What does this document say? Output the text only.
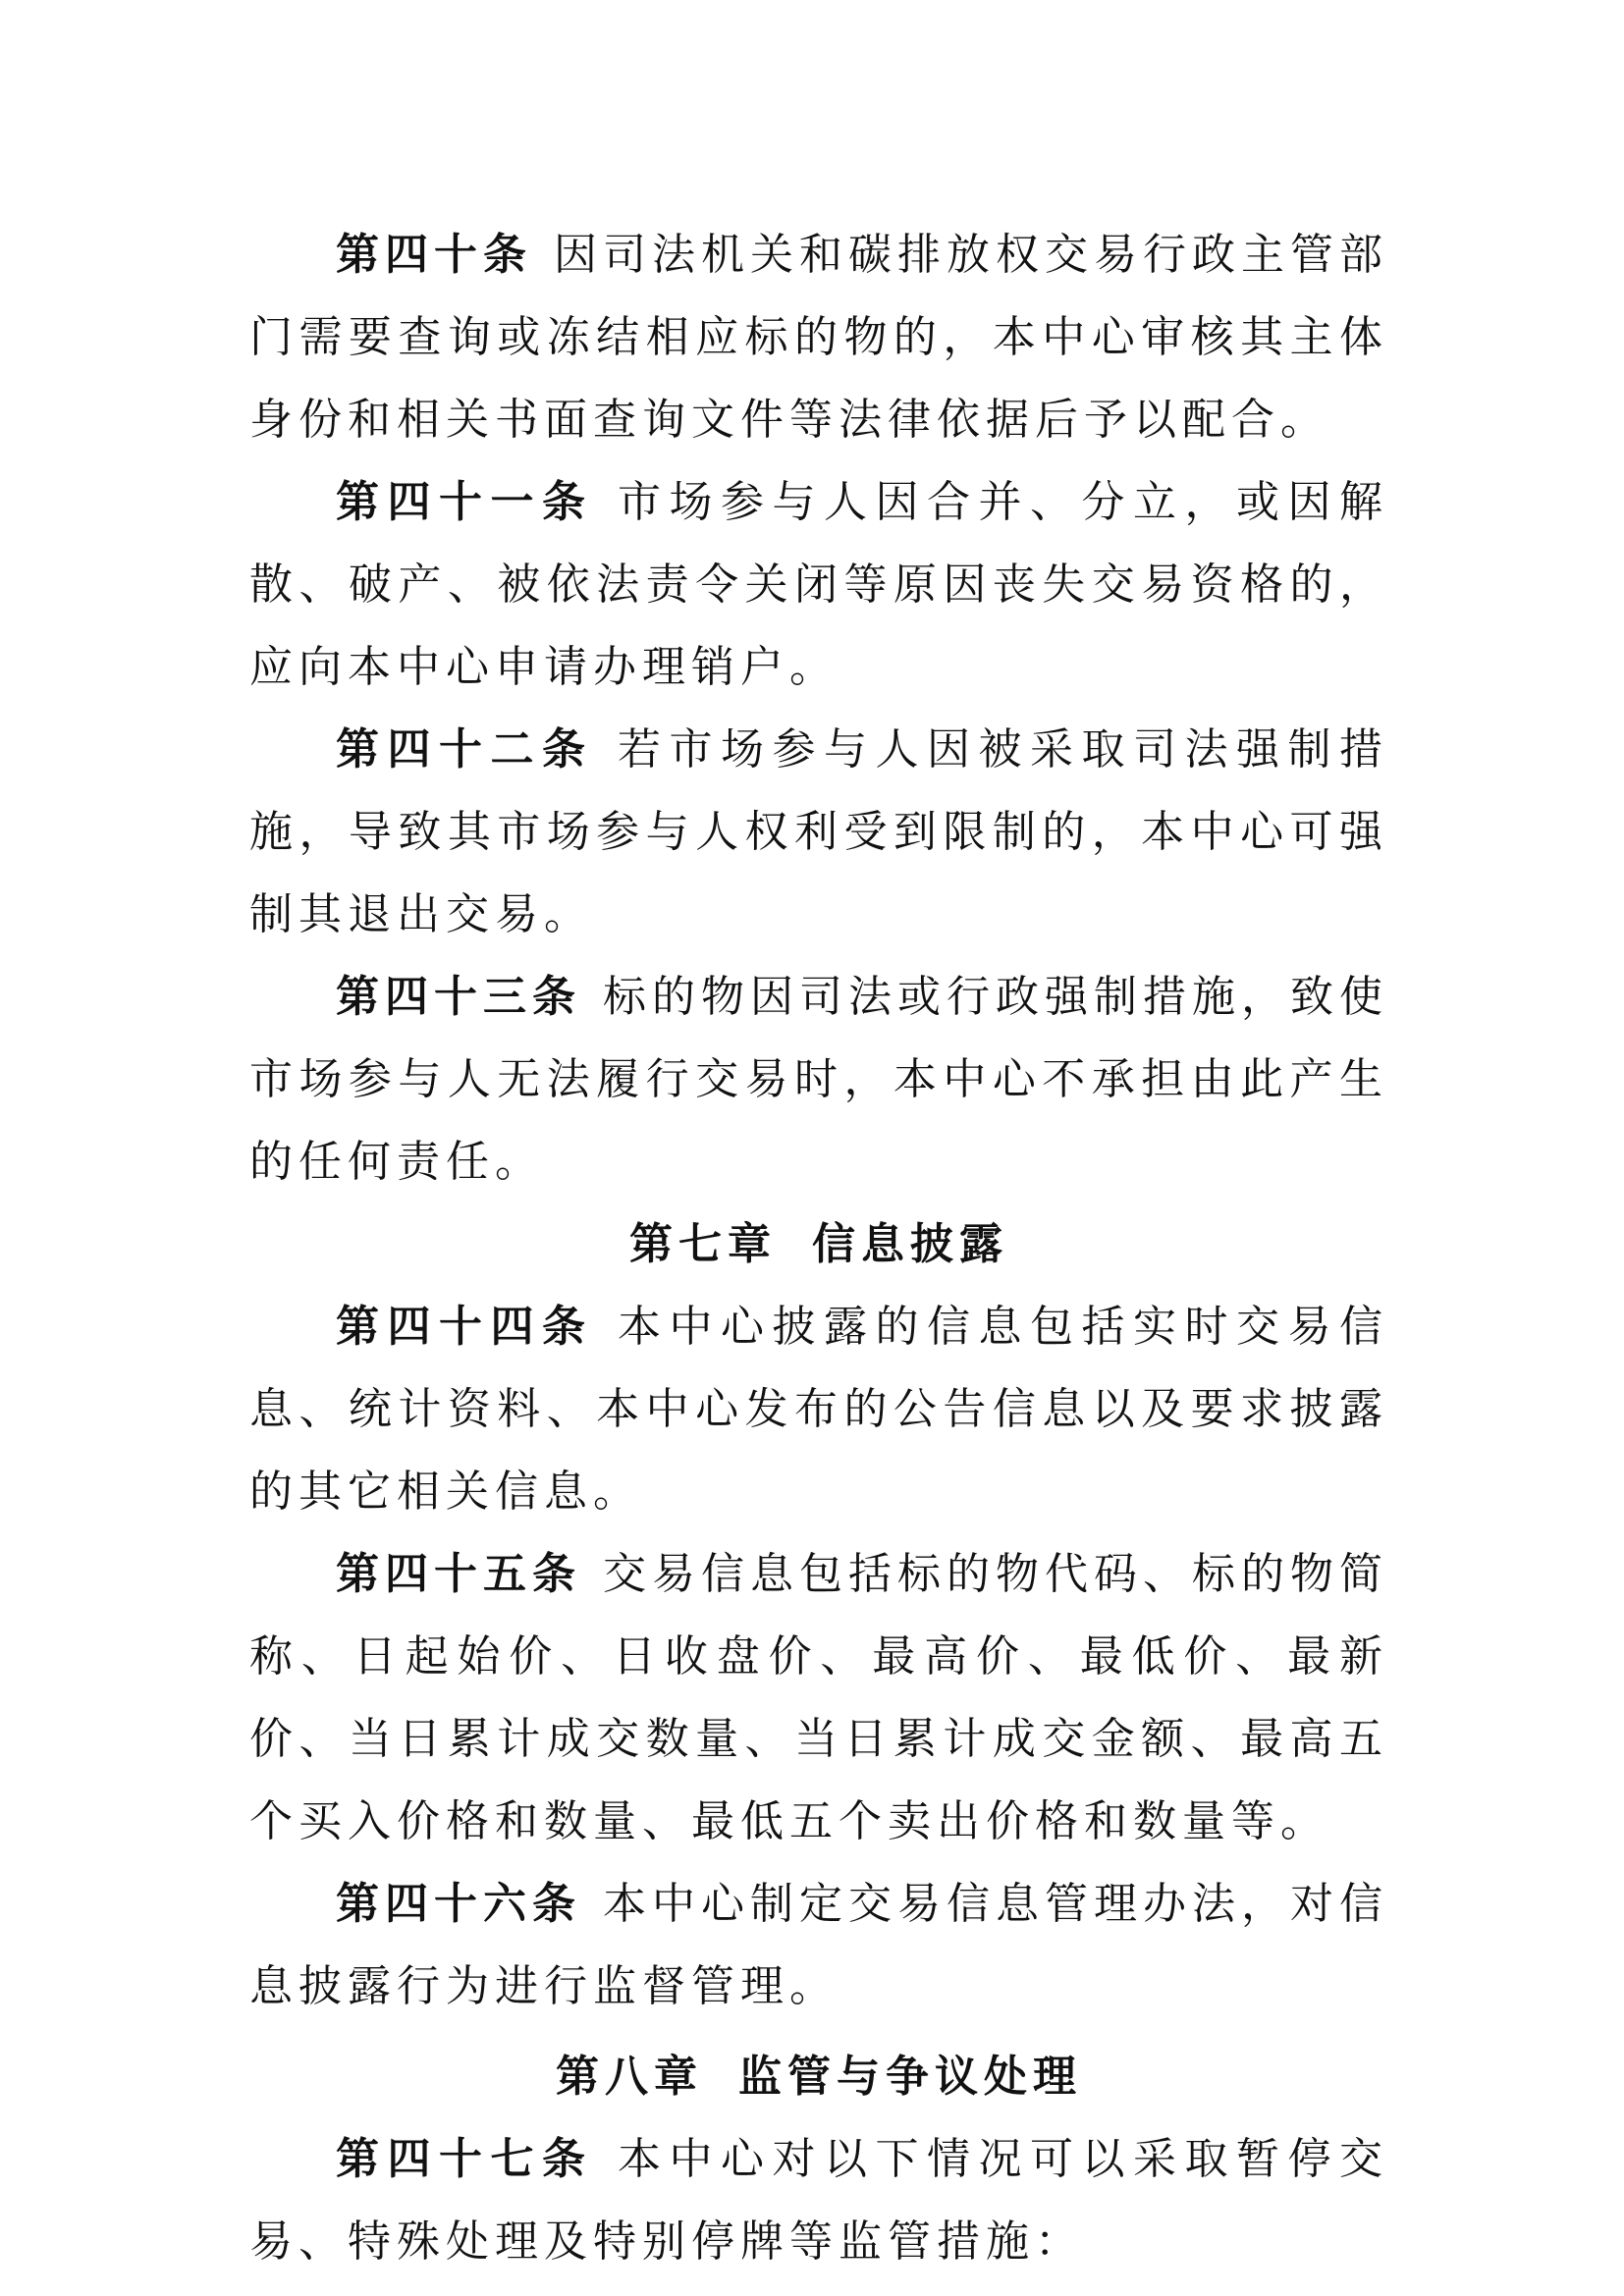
第四十条 因司法机关和碳排放权交易行政主管部门需要查询或冻结相应标的物的，本中心审核其主体身份和相关书面查询文件等法律依据后予以配合。

第四十一条 市场参与人因合并、分立，或因解散、破产、被依法责令关闭等原因丧失交易资格的，应向本中心申请办理销户。

第四十二条 若市场参与人因被采取司法强制措施，导致其市场参与人权利受到限制的，本中心可强制其退出交易。

第四十三条 标的物因司法或行政强制措施，致使市场参与人无法履行交易时，本中心不承担由此产生的任何责任。

第七章 信息披露

第四十四条 本中心披露的信息包括实时交易信息、统计资料、本中心发布的公告信息以及要求披露的其它相关信息。

第四十五条 交易信息包括标的物代码、标的物简称、日起始价、日收盘价、最高价、最低价、最新价、当日累计成交数量、当日累计成交金额、最高五个买入价格和数量、最低五个卖出价格和数量等。

第四十六条 本中心制定交易信息管理办法，对信息披露行为进行监督管理。

第八章 监管与争议处理

第四十七条 本中心对以下情况可以采取暂停交易、特殊处理及特别停牌等监管措施：
